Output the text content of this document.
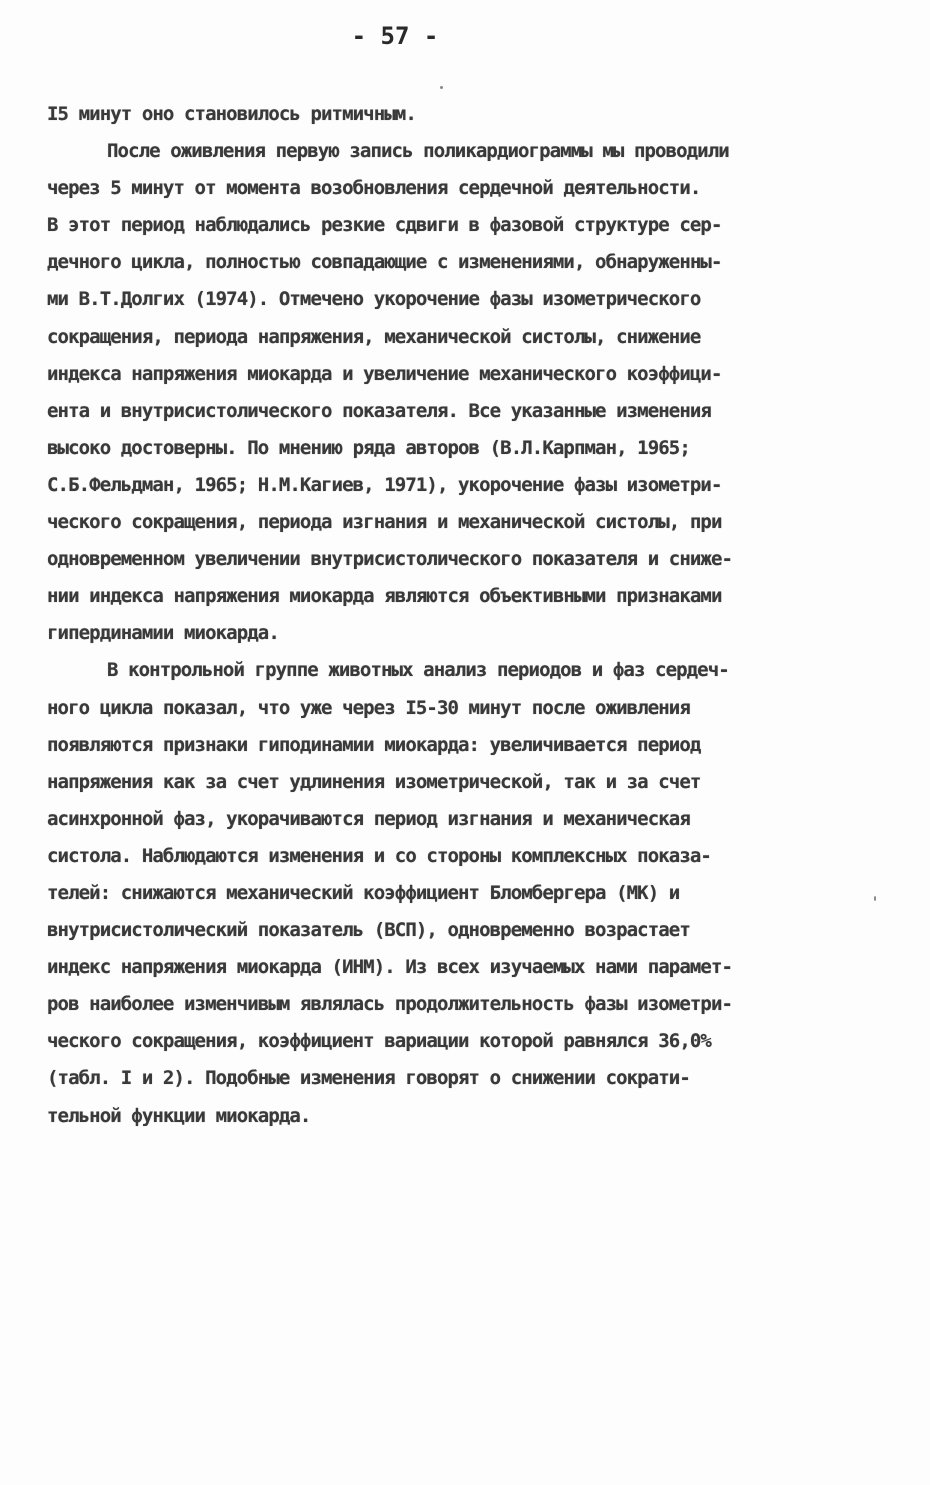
- 57 -
I5 минут оно становилось ритмичным.
После оживления первую запись поликардиограммы мы проводили
через 5 минут от момента возобновления сердечной деятельности.
В этот период наблюдались резкие сдвиги в фазовой структуре сер-
дечного цикла, полностью совпадающие с изменениями, обнаруженны-
ми В.Т.Долгих (1974). Отмечено укорочение фазы изометрического
сокращения, периода напряжения, механической систолы, снижение
индекса напряжения миокарда и увеличение механического коэффици-
ента и внутрисистолического показателя. Все указанные изменения
высоко достоверны. По мнению ряда авторов (В.Л.Карпман, 1965;
С.Б.Фельдман, 1965; Н.М.Кагиев, 1971), укорочение фазы изометри-
ческого сокращения, периода изгнания и механической систолы, при
одновременном увеличении внутрисистолического показателя и сниже-
нии индекса напряжения миокарда являются объективными признаками
гипердинамии миокарда.
В контрольной группе животных анализ периодов и фаз сердеч-
ного цикла показал, что уже через I5-30 минут после оживления
появляются признаки гиподинамии миокарда: увеличивается период
напряжения как за счет удлинения изометрической, так и за счет
асинхронной фаз, укорачиваются период изгнания и механическая
систола. Наблюдаются изменения и со стороны комплексных показа-
телей: снижаются механический коэффициент Бломбергера (МК) и
внутрисистолический показатель (ВСП), одновременно возрастает
индекс напряжения миокарда (ИНМ). Из всех изучаемых нами парамет-
ров наиболее изменчивым являлась продолжительность фазы изометри-
ческого сокращения, коэффициент вариации которой равнялся 36,0%
(табл. I и 2). Подобные изменения говорят о снижении сократи-
тельной функции миокарда.
